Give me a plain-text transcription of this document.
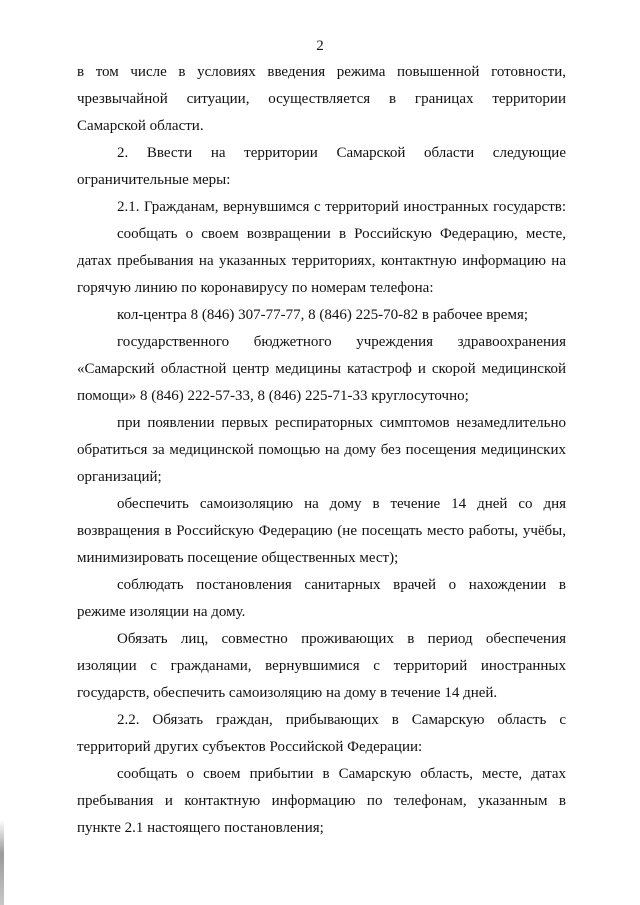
2
в том числе в условиях введения режима повышенной готовности,
чрезвычайной ситуации, осуществляется в границах территории
Самарской области.
2. Ввести на территории Самарской области следующие
ограничительные меры:
2.1. Гражданам, вернувшимся с территорий иностранных государств:
сообщать о своем возвращении в Российскую Федерацию, месте,
датах пребывания на указанных территориях, контактную информацию на
горячую линию по коронавирусу по номерам телефона:
кол-центра 8 (846) 307-77-77, 8 (846) 225-70-82 в рабочее время;
государственного бюджетного учреждения здравоохранения
«Самарский областной центр медицины катастроф и скорой медицинской
помощи» 8 (846) 222-57-33, 8 (846) 225-71-33 круглосуточно;
при появлении первых респираторных симптомов незамедлительно
обратиться за медицинской помощью на дому без посещения медицинских
организаций;
обеспечить самоизоляцию на дому в течение 14 дней со дня
возвращения в Российскую Федерацию (не посещать место работы, учёбы,
минимизировать посещение общественных мест);
соблюдать постановления санитарных врачей о нахождении в
режиме изоляции на дому.
Обязать лиц, совместно проживающих в период обеспечения
изоляции с гражданами, вернувшимися с территорий иностранных
государств, обеспечить самоизоляцию на дому в течение 14 дней.
2.2. Обязать граждан, прибывающих в Самарскую область с
территорий других субъектов Российской Федерации:
сообщать о своем прибытии в Самарскую область, месте, датах
пребывания и контактную информацию по телефонам, указанным в
пункте 2.1 настоящего постановления;
